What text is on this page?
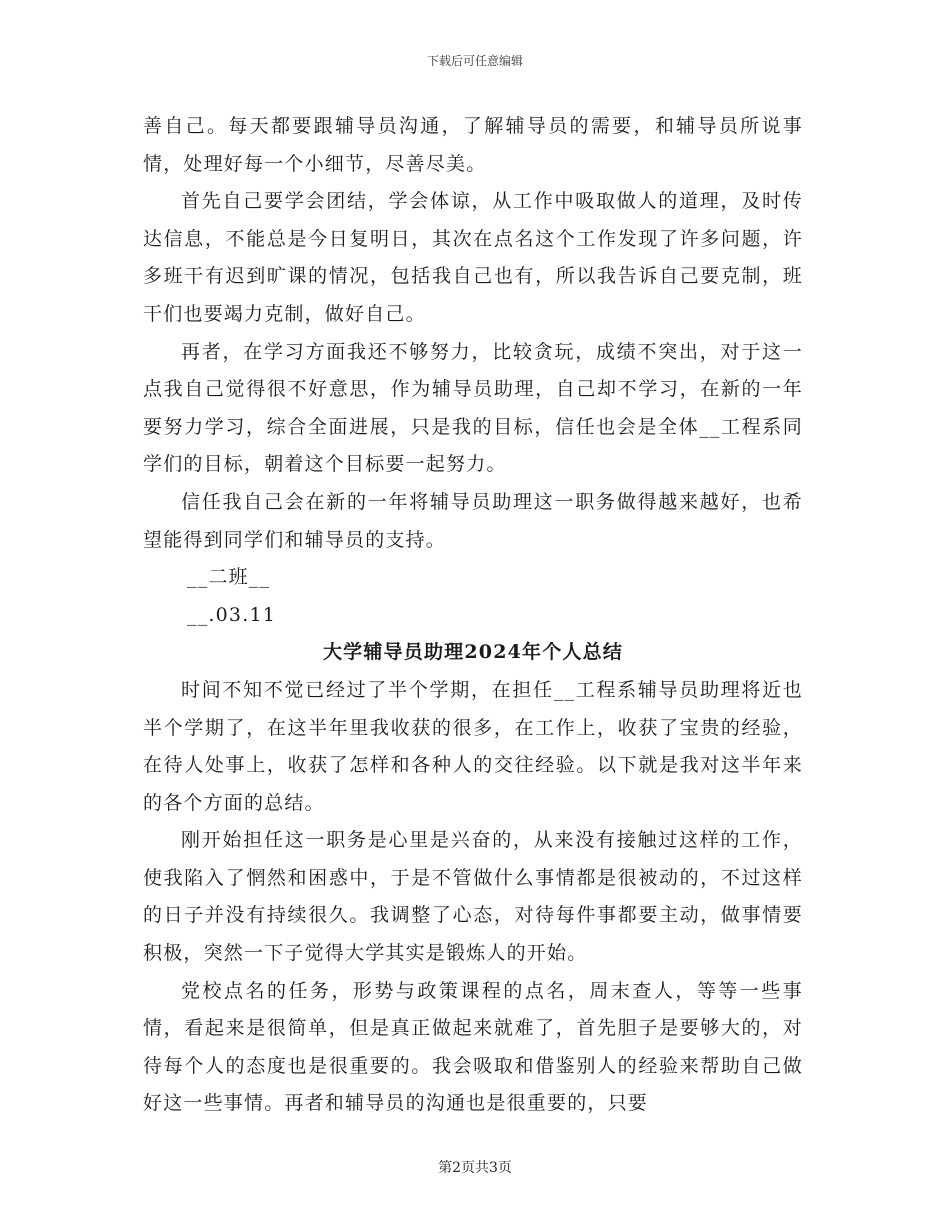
下载后可任意编辑

善自己。每天都要跟辅导员沟通，了解辅导员的需要，和辅导员所说事情，处理好每一个小细节，尽善尽美。

首先自己要学会团结，学会体谅，从工作中吸取做人的道理，及时传达信息，不能总是今日复明日，其次在点名这个工作发现了许多问题，许多班干有迟到旷课的情况，包括我自己也有，所以我告诉自己要克制，班干们也要竭力克制，做好自己。

再者，在学习方面我还不够努力，比较贪玩，成绩不突出，对于这一点我自己觉得很不好意思，作为辅导员助理，自己却不学习，在新的一年要努力学习，综合全面进展，只是我的目标，信任也会是全体__工程系同学们的目标，朝着这个目标要一起努力。

信任我自己会在新的一年将辅导员助理这一职务做得越来越好，也希望能得到同学们和辅导员的支持。

__二班__

__.03.11

大学辅导员助理2024年个人总结

时间不知不觉已经过了半个学期，在担任__工程系辅导员助理将近也半个学期了，在这半年里我收获的很多，在工作上，收获了宝贵的经验，在待人处事上，收获了怎样和各种人的交往经验。以下就是我对这半年来的各个方面的总结。

刚开始担任这一职务是心里是兴奋的，从来没有接触过这样的工作，使我陷入了惘然和困惑中，于是不管做什么事情都是很被动的，不过这样的日子并没有持续很久。我调整了心态，对待每件事都要主动，做事情要积极，突然一下子觉得大学其实是锻炼人的开始。

党校点名的任务，形势与政策课程的点名，周末查人，等等一些事情，看起来是很简单，但是真正做起来就难了，首先胆子是要够大的，对待每个人的态度也是很重要的。我会吸取和借鉴别人的经验来帮助自己做好这一些事情。再者和辅导员的沟通也是很重要的，只要

第2页共3页
